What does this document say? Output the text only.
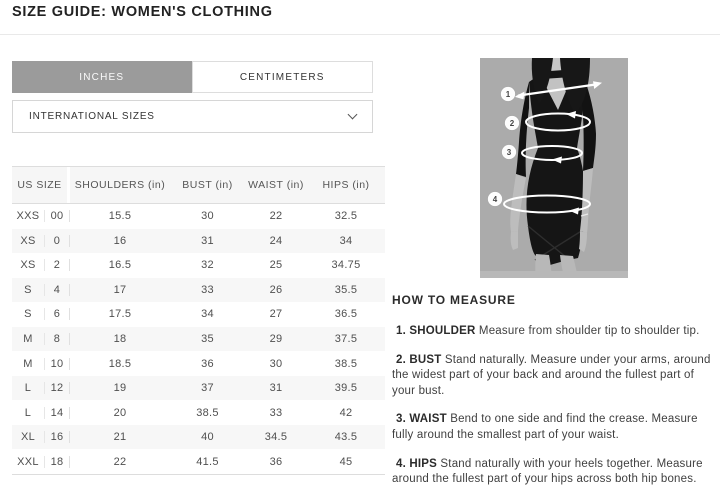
SIZE GUIDE: WOMEN'S CLOTHING
INCHES	CENTIMETERS
INTERNATIONAL SIZES
US SIZE	SHOULDERS (in)	BUST (in)	WAIST (in)	HIPS (in)
XXS	00	15.5	30	22	32.5
XS	0	16	31	24	34
XS	2	16.5	32	25	34.75
S	4	17	33	26	35.5
S	6	17.5	34	27	36.5
M	8	18	35	29	37.5
M	10	18.5	36	30	38.5
L	12	19	37	31	39.5
L	14	20	38.5	33	42
XL	16	21	40	34.5	43.5
XXL	18	22	41.5	36	45
1
2
3
4
HOW TO MEASURE

1. SHOULDER Measure from shoulder tip to shoulder tip.

2. BUST Stand naturally. Measure under your arms, around the widest part of your back and around the fullest part of your bust.

3. WAIST Bend to one side and find the crease. Measure fully around the smallest part of your waist.

4. HIPS Stand naturally with your heels together. Measure around the fullest part of your hips across both hip bones.
